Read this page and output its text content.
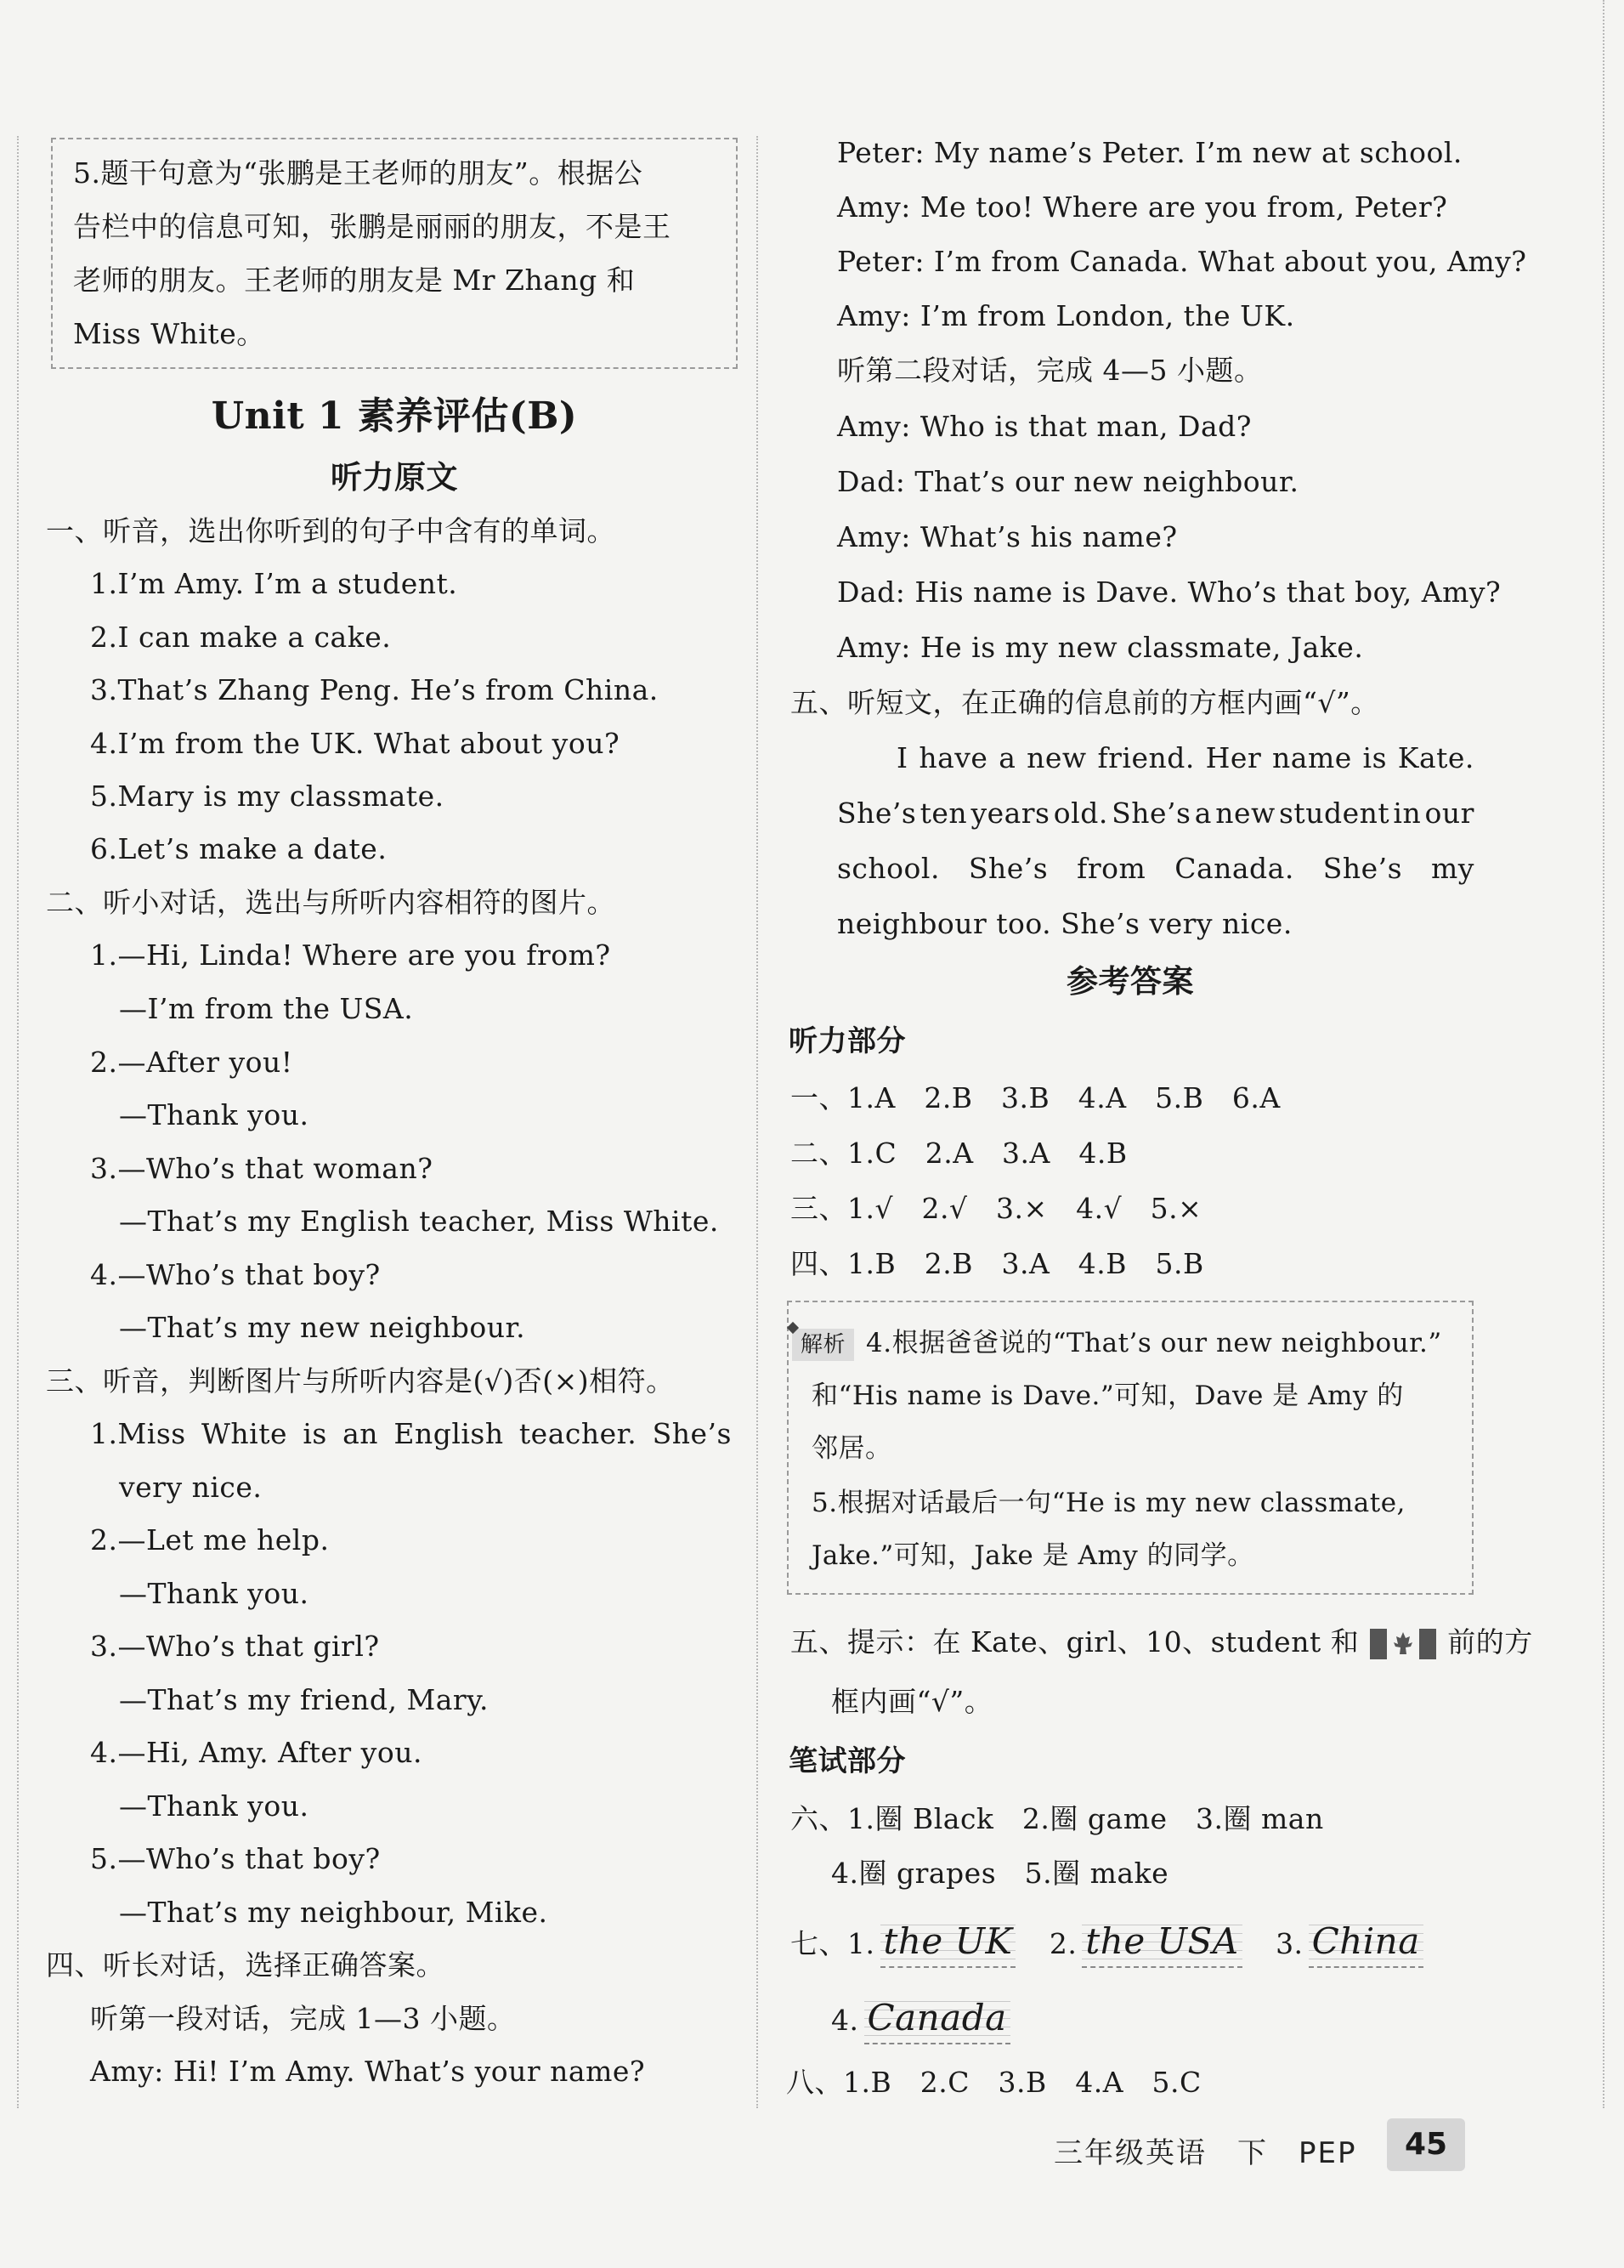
5.题干句意为“张鹏是王老师的朋友”。根据公
告栏中的信息可知，张鹏是丽丽的朋友，不是王
老师的朋友。王老师的朋友是 Mr Zhang 和
Miss White。
Unit 1 素养评估(B)
听力原文
一、听音，选出你听到的句子中含有的单词。
1.I’m Amy. I’m a student.
2.I can make a cake.
3.That’s Zhang Peng. He’s from China.
4.I’m from the UK. What about you?
5.Mary is my classmate.
6.Let’s make a date.
二、听小对话，选出与所听内容相符的图片。
1.—Hi, Linda! Where are you from?
—I’m from the USA.
2.—After you!
—Thank you.
3.—Who’s that woman?
—That’s my English teacher, Miss White.
4.—Who’s that boy?
—That’s my new neighbour.
三、听音，判断图片与所听内容是(√)否(×)相符。
1.Miss White is an English teacher. She’s
very nice.
2.—Let me help.
—Thank you.
3.—Who’s that girl?
—That’s my friend, Mary.
4.—Hi, Amy. After you.
—Thank you.
5.—Who’s that boy?
—That’s my neighbour, Mike.
四、听长对话，选择正确答案。
听第一段对话，完成 1—3 小题。
Amy: Hi! I’m Amy. What’s your name?
Peter: My name’s Peter. I’m new at school.
Amy: Me too! Where are you from, Peter?
Peter: I’m from Canada. What about you, Amy?
Amy: I’m from London, the UK.
听第二段对话，完成 4—5 小题。
Amy: Who is that man, Dad?
Dad: That’s our new neighbour.
Amy: What’s his name?
Dad: His name is Dave. Who’s that boy, Amy?
Amy: He is my new classmate, Jake.
五、听短文，在正确的信息前的方框内画“√”。
I have a new friend. Her name is Kate.
She’s ten years old. She’s a new student in our
school. She’s from Canada. She’s my
neighbour too. She’s very nice.
参考答案
听力部分
一、1.A　2.B　3.B　4.A　5.B　6.A
二、1.C　2.A　3.A　4.B
三、1.√　2.√　3.×　4.√　5.×
四、1.B　2.B　3.A　4.B　5.B
解析 4.根据爸爸说的“That’s our new neighbour.”
和“His name is Dave.”可知，Dave 是 Amy 的
邻居。
5.根据对话最后一句“He is my new classmate,
Jake.”可知，Jake 是 Amy 的同学。
五、提示：在 Kate、girl、10、student 和	前的方
框内画“√”。
笔试部分
六、1.圈 Black　2.圈 game　3.圈 man
4.圈 grapes　5.圈 make
七、1. the UK　 2. the USA　 3. China
4. Canada
八、1.B　2.C　3.B　4.A　5.C
三年级英语　下　PEP	45
